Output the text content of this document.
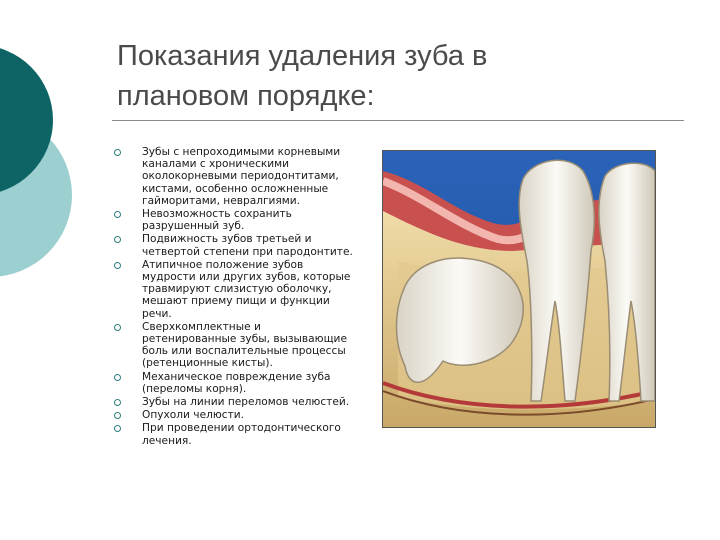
Показания удаления зуба в
плановом порядке:
Зубы с непроходимыми корневыми
каналами с хроническими
околокорневыми периодонтитами,
кистами, особенно осложненные
гайморитами, невралгиями.
Невозможность сохранить
разрушенный зуб.
Подвижность зубов третьей и
четвертой степени при пародонтите.
Атипичное положение зубов
мудрости или других зубов, которые
травмируют слизистую оболочку,
мешают приему пищи и функции
речи.
Сверхкомплектные и
ретенированные зубы, вызывающие
боль или воспалительные процессы
(ретенционные кисты).
Механическое повреждение зуба
(переломы корня).
Зубы на линии переломов челюстей.
Опухоли челюсти.
При проведении ортодонтического
лечения.
